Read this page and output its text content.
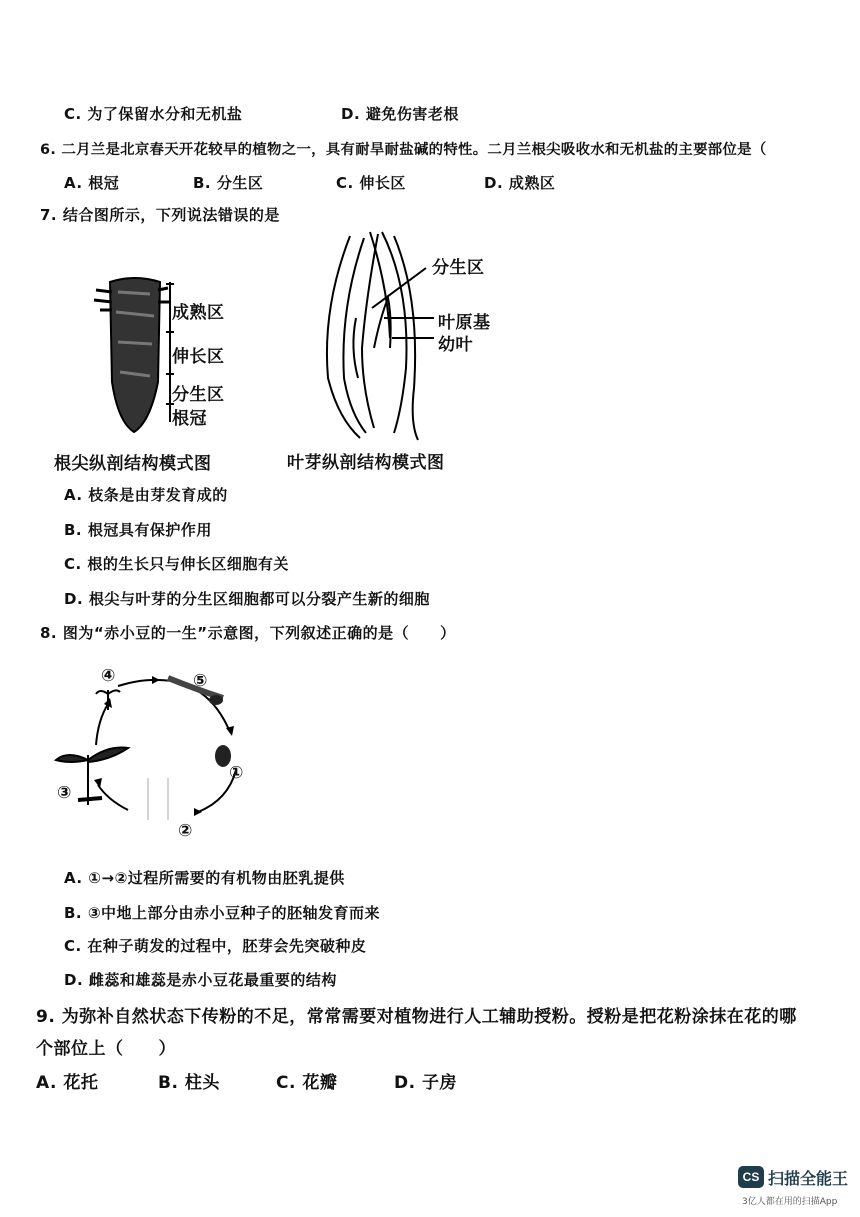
C. 为了保留水分和无机盐	D. 避免伤害老根
6. 二月兰是北京春天开花较早的植物之一，具有耐旱耐盐碱的特性。二月兰根尖吸收水和无机盐的主要部位是（
A. 根冠	B. 分生区	C. 伸长区	D. 成熟区
7. 结合图所示，下列说法错误的是
成熟区
伸长区
分生区
根冠
根尖纵剖结构模式图
分生区
叶原基
幼叶
叶芽纵剖结构模式图
A. 枝条是由芽发育成的
B. 根冠具有保护作用
C. 根的生长只与伸长区细胞有关
D. 根尖与叶芽的分生区细胞都可以分裂产生新的细胞
8. 图为“赤小豆的一生”示意图，下列叙述正确的是（　　）
①
②
③
④	⑤
A. ①→②过程所需要的有机物由胚乳提供
B. ③中地上部分由赤小豆种子的胚轴发育而来
C. 在种子萌发的过程中，胚芽会先突破种皮
D. 雌蕊和雄蕊是赤小豆花最重要的结构
9. 为弥补自然状态下传粉的不足，常常需要对植物进行人工辅助授粉。授粉是把花粉涂抹在花的哪
个部位上（　　）
A. 花托	B. 柱头	C. 花瓣	D. 子房
CS 扫描全能王
3亿人都在用的扫描App
